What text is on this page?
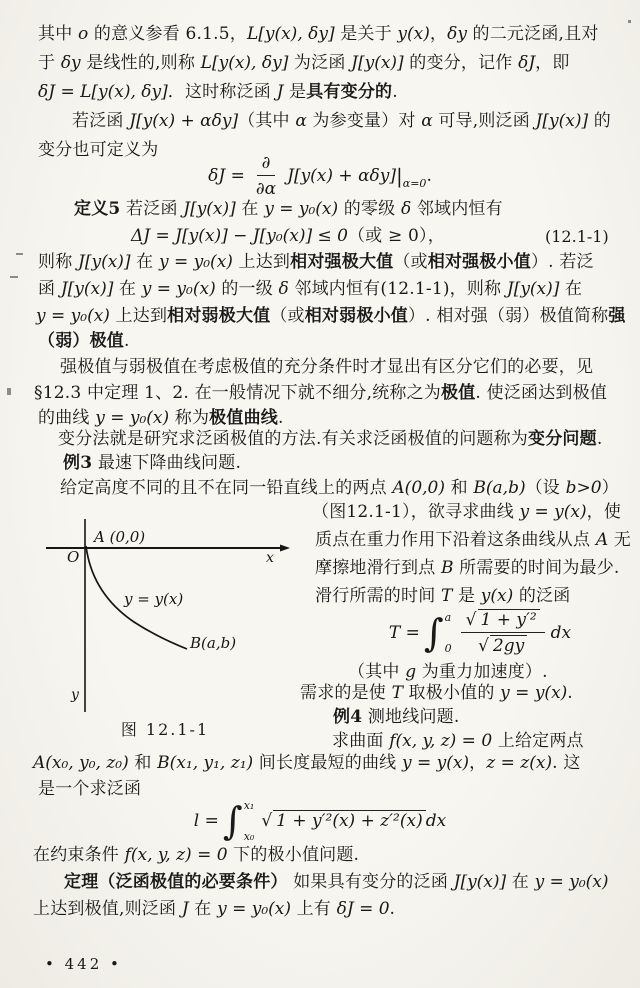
其中 o 的意义参看 6.1.5，L[y(x), δy] 是关于 y(x)，δy 的二元泛函,且对
于 δy 是线性的,则称 L[y(x), δy] 为泛函 J[y(x)] 的变分，记作 δJ，即
δJ = L[y(x), δy]．这时称泛函 J 是具有变分的.
若泛函 J[y(x) + αδy]（其中 α 为参变量）对 α 可导,则泛函 J[y(x)] 的
变分也可定义为
$\delta J = \frac{\partial}{\partial\alpha} J[y(x) + \alpha\delta y]$ | α=0 .
定义5 若泛函 J[y(x)] 在 y = y₀(x) 的零级 δ 邻域内恒有
ΔJ = J[y(x)] − J[y₀(x)] ≤ 0（或 ≥ 0），	(12.1-1)
则称 J[y(x)] 在 y = y₀(x) 上达到相对强极大值（或相对强极小值）. 若泛
函 J[y(x)] 在 y = y₀(x) 的一级 δ 邻域内恒有(12.1-1)，则称 J[y(x)] 在
y = y₀(x) 上达到相对弱极大值（或相对弱极小值）. 相对强（弱）极值简称强
（弱）极值.
强极值与弱极值在考虑极值的充分条件时才显出有区分它们的必要，见
§12.3 中定理 1、2. 在一般情况下就不细分,统称之为极值. 使泛函达到极值
的曲线 y = y₀(x) 称为极值曲线.
变分法就是研究求泛函极值的方法.有关求泛函极值的问题称为变分问题.
例3 最速下降曲线问题.
给定高度不同的且不在同一铅直线上的两点 A(0,0) 和 B(a,b)（设 b>0）
A (0,0)
O	x
y = y(x)
B(a,b)
y
图 12.1-1
（图12.1-1），欲寻求曲线 y = y(x)，使
质点在重力作用下沿着这条曲线从点 A 无
摩擦地滑行到点 B 所需要的时间为最少.
滑行所需的时间 T 是 y(x) 的泛函
T = ∫ a
$0 \frac{\text{√ 1 + y′²}}{√ 2gy}$ dx
（其中 g 为重力加速度）.
需求的是使 T 取极小值的 y = y(x).
例4 测地线问题.
求曲面 f(x, y, z) = 0 上给定两点
A(x₀, y₀, z₀) 和 B(x₁, y₁, z₁) 间长度最短的曲线 y = y(x)，z = z(x). 这
是一个求泛函
l = ∫ x₁
x₀
√ 1 + y′²(x) + z′²(x) dx
在约束条件 f(x, y, z) = 0 下的极小值问题.
定理（泛函极值的必要条件） 如果具有变分的泛函 J[y(x)] 在 y = y₀(x)
上达到极值,则泛函 J 在 y = y₀(x) 上有 δJ = 0.
• 442 •
